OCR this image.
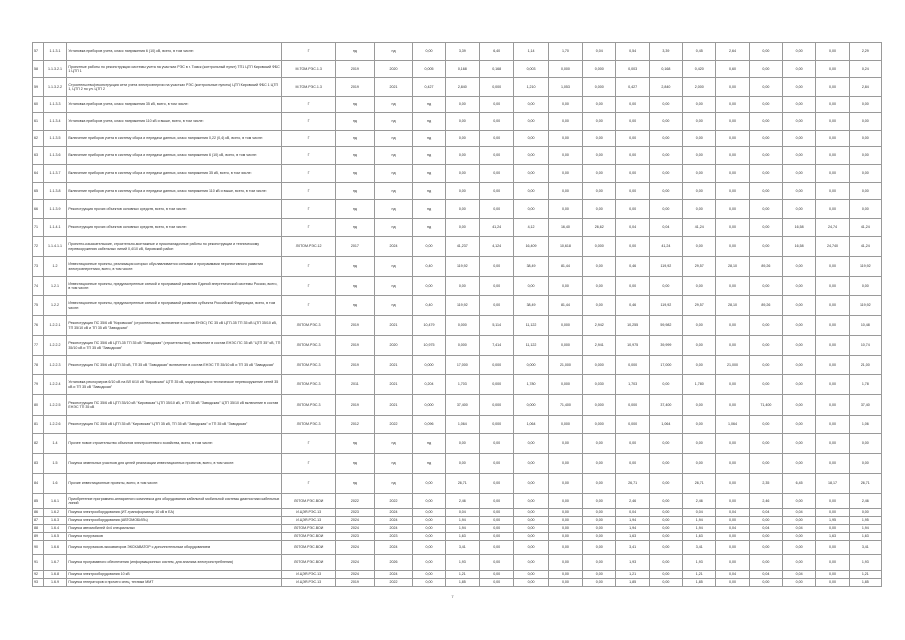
57	1.1.3.1	Установка приборов учета, класс напряжения 6 (10) кВ, всего, в том числе:	Г	нд	нд	0,00	3,39	6,40	1,14	1,70	0,04	0,54	3,39	0,45	2,64	0,00	0,00	0,00	2,29
58	1.1.3.2.1	Проектные работы по реконструкции системы учета на участках РЭС в г. Томск (контрольный пункт) ТП1 ЦТП Кировский ФБС 1 ЦТП 1	М.ТОМ.РЭС.1.3	2019	2020	0,005	0,168	0,168	0,003	0,000	0,000	0,003	0,168	0,420	0,60	0,00	0,00	0,00	0,24
59	1.1.3.2.2	Строительство/реконструкция сети учета электроэнергии на участках РЭС (контрольные пункты) ЦТП Кировский ФБС 1 ЦТП 1, ЦТП 2 по ул. ЦТП 2	М.ТОМ.РЭС.1.3	2019	2021	0,427	2,840	0,000	1,210	1,053	0,000	0,427	2,840	2,000	0,00	0,00	0,00	0,00	2,84
60	1.1.3.3	Установка приборов учета, класс напряжения 35 кВ, всего, в том числе:	Г	нд	нд	нд	0,00	0,00	0,00	0,00	0,00	0,00	0,00	0,00	0,00	0,00	0,00	0,00	0,00
61	1.1.3.4	Установка приборов учета, класс напряжения 110 кВ и выше, всего, в том числе:	Г	нд	нд	нд	0,00	0,00	0,00	0,00	0,00	0,00	0,00	0,00	0,00	0,00	0,00	0,00	0,00
62	1.1.3.5	Включение приборов учета в систему сбора и передачи данных, класс напряжения 0,22 (0,4) кВ, всего, в том числе:	Г	нд	нд	нд	0,00	0,00	0,00	0,00	0,00	0,00	0,00	0,00	0,00	0,00	0,00	0,00	0,00
63	1.1.3.6	Включение приборов учета в систему сбора и передачи данных, класс напряжения 6 (10) кВ, всего, в том числе:	Г	нд	нд	нд	0,00	0,00	0,00	0,00	0,00	0,00	0,00	0,00	0,00	0,00	0,00	0,00	0,00
64	1.1.3.7	Включение приборов учета в систему сбора и передачи данных, класс напряжения 35 кВ, всего, в том числе:	Г	нд	нд	нд	0,00	0,00	0,00	0,00	0,00	0,00	0,00	0,00	0,00	0,00	0,00	0,00	0,00
65	1.1.3.8	Включение приборов учета в систему сбора и передачи данных, класс напряжения 110 кВ и выше, всего, в том числе:	Г	нд	нд	нд	0,00	0,00	0,00	0,00	0,00	0,00	0,00	0,00	0,00	0,00	0,00	0,00	0,00
66	1.1.3.9	Реконструкция прочих объектов основных средств, всего, в том числе:	Г	нд	нд	нд	0,00	0,00	0,00	0,00	0,00	0,00	0,00	0,00	0,00	0,00	0,00	0,00	0,00
71	1.1.4.1	Реконструкция прочих объектов основных средств, всего, в том числе:	Г	нд	нд	нд	0,00	41,24	4,12	16,40	26,62	0,04	0,04	41,24	0,00	0,00	16,58	24,74	41,24
72	1.1.4.1.1	Проектно-изыскательские, строительно-монтажные и пусконаладочные работы по реконструкции и техническому перевооружению кабельных линий 0,4/10 кВ, Кировский район	Л0ТОМ.РЭС.12	2017	2024	0,00	41,237	4,124	16,409	10,618	0,000	0,00	41,24	0,00	0,00	0,00	16,58	24,740	41,24
73	1.2	Инвестиционные проекты, реализация которых обуславливается схемами и программами перспективного развития электроэнергетики, всего, в том числе:	Г	нд	нд	0,40	119,92	0,00	38,49	81,44	0,00	0,46	119,92	29,57	28,10	89,26	0,00	0,00	119,92
74	1.2.1	Инвестиционные проекты, предусмотренные схемой и программой развития Единой энергетической системы России, всего, в том числе:	Г	нд	нд	0,00	0,00	0,00	0,00	0,00	0,00	0,00	0,00	0,00	0,00	0,00	0,00	0,00	0,00
75	1.2.2	Инвестиционные проекты, предусмотренные схемой и программой развития субъекта Российской Федерации, всего, в том числе:	Г	нд	нд	0,40	119,92	0,00	38,49	81,44	0,00	0,46	119,92	29,57	28,10	89,26	0,00	0,00	119,92
76	1.2.2.1	Реконструкция ПС 35/6 кВ "Кировская" (строительство, включение в состав ЕНЭС) ПС 35 кВ ЦТП-35 ТП 35 кВ ЦТП 35/10 кВ, ТП 35/10 кВ и ТП 35 кВ "Заводская"	Л0ТОМ.РЭС.3	2019	2021	10,479	0,000	5,114	11,122	0,000	2,942	10,255	59,982	0,00	0,00	0,00	0,00	0,00	10,48
77	1.2.2.2	Реконструкция ПС 35/6 кВ ЦТП-35 ТП 35 кВ "Заводская" (строительство), включение в состав ЕНЭС ПС 35 кВ "ЦТП 35" кВ, ТП 35/10 кВ и ТП 35 кВ "Заводская"	Л0ТОМ.РЭС.3	2019	2020	10,975	0,000	7,414	11,122	0,000	2,941	10,975	39,999	0,00	0,00	0,00	0,00	0,00	10,74
78	1.2.2.3	Реконструкция ПС 35/6 кВ ЦТП 35 кВ, ТП 35 кВ "Заводская" включение в состав ЕНЭС ТП 35/10 кВ и ТП 35 кВ "Заводская"	Л0ТОМ.РЭС.3	2019	2021	0,000	17,000	0,000	0,000	21,000	0,000	0,000	17,000	0,00	21,000	0,00	0,00	0,00	21,00
79	1.2.2.4	Установка реклоузеров 6/10 кВ на ВЛ 6/10 кВ "Кировская" ЦТП 35 кВ, модернизация и техническое перевооружение сетей 35 кВ и ТП 35 кВ "Заводская"	Л0ТОМ.РЭС.3	2011	2021	0,204	1,703	0,000	1,780	0,000	0,030	1,703	0,00	1,780	0,00	0,00	0,00	0,00	1,78
80	1.2.2.5	Реконструкция ПС 35/6 кВ ЦТП 35/10 кВ "Кировская" ЦТП 35/10 кВ, и ТП 35 кВ "Заводская" ЦТП 35/10 кВ включение в состав ЕНЭС ТП 35 кВ	Л0ТОМ.РЭС.3	2019	2021	0,000	37,400	0,000	0,000	71,400	0,000	0,000	37,400	0,00	0,00	71,400	0,00	0,00	37,40
81	1.2.2.6	Реконструкция ПС 35/6 кВ ЦТП 35 кВ "Кировская" ЦТП 35 кВ, ТП 35 кВ "Заводская" и ТП 35 кВ "Заводская"	Л0ТОМ.РЭС.3	2012	2022	0,096	1,064	0,000	1,064	0,000	0,000	0,000	1,064	0,00	1,064	0,00	0,00	0,00	1,06
82	1.4	Прочее новое строительство объектов электросетевого хозяйства, всего, в том числе:	Г	нд	нд	нд	0,00	0,00	0,00	0,00	0,00	0,00	0,00	0,00	0,00	0,00	0,00	0,00	0,00
83	1.5	Покупка земельных участков для целей реализации инвестиционных проектов, всего, в том числе:	Г	нд	нд	нд	0,00	0,00	0,00	0,00	0,00	0,00	0,00	0,00	0,00	0,00	0,00	0,00	0,00
84	1.6	Прочие инвестиционные проекты, всего, в том числе:	Г	нд	нд	0,00	26,71	0,00	0,00	0,00	0,00	26,71	0,00	26,71	0,00	2,35	6,45	18,17	26,71
85	1.6.1	Приобретение программно-аппаратного комплекса для оборудования кабельной мобильной системы диагностики кабельных линий	Л0ТОМ.РЭС.ВОИ	2022	2022	0,00	2,46	0,00	0,00	0,00	0,00	2,46	0,00	2,46	0,00	2,46	0,00	0,00	2,46
86	1.6.2	Покупка электрооборудования (ИТ-трансформатор 10 кВ в ЕА)	И.ЦЭЯ.РЭС.13	2023	2024	0,00	0,04	0,00	0,00	0,00	0,00	0,04	0,00	0,04	0,04	0,04	0,04	0,00	0,00
87	1.6.3	Покупка электрооборудования (АВТОМОБИЛЬ)	И.ЦЭЯ.РЭС.13	2024	2024	0,00	1,94	0,00	0,00	0,00	0,00	1,94	0,00	1,94	0,00	0,00	0,00	1,95	1,95
88	1.6.4	Покупка автомобилей 4х4 специальных	Л0ТОМ.РЭС.ВОИ	2024	2024	0,00	1,94	0,00	0,00	0,00	0,00	1,94	0,00	1,94	0,04	0,04	0,04	0,00	1,94
89	1.6.5	Покупка погрузчиков	Л0ТОМ.РЭС.ВОИ	2023	2023	0,00	1,63	0,00	0,00	0,00	0,00	1,63	0,00	1,63	0,00	0,00	0,00	1,63	1,63
90	1.6.6	Покупка погрузчиков-экскаваторов ЭКСКАВАТОР с дополнительным оборудованием	Л0ТОМ.РЭС.ВОИ	2024	2024	0,00	3,41	0,00	0,00	0,00	0,00	3,41	0,00	3,41	0,00	0,00	0,00	0,00	3,41
91	1.6.7	Покупка программного обеспечения (информационных систем, для анализа электропотребления)	Л0ТОМ.РЭС.ВОИ	2024	2026	0,00	1,93	0,00	0,00	0,00	0,00	1,93	0,00	1,93	0,00	0,00	0,00	0,00	1,93
92	1.6.8	Покупка электрооборудования 10 кВ	И.ЦЭЯ.РЭС.13	2024	2024	0,00	1,21	0,00	0,00	0,00	0,00	1,21	0,00	1,21	0,04	0,04	0,04	0,00	1,21
93	1.6.9	Покупка генераторов и прочего спец. техники ММТ	И.ЦЭЯ.РЭС.13	2019	2022	0,00	1,85	0,00	0,00	0,00	0,00	1,85	0,00	1,85	0,00	0,00	0,00	0,00	1,85
7
